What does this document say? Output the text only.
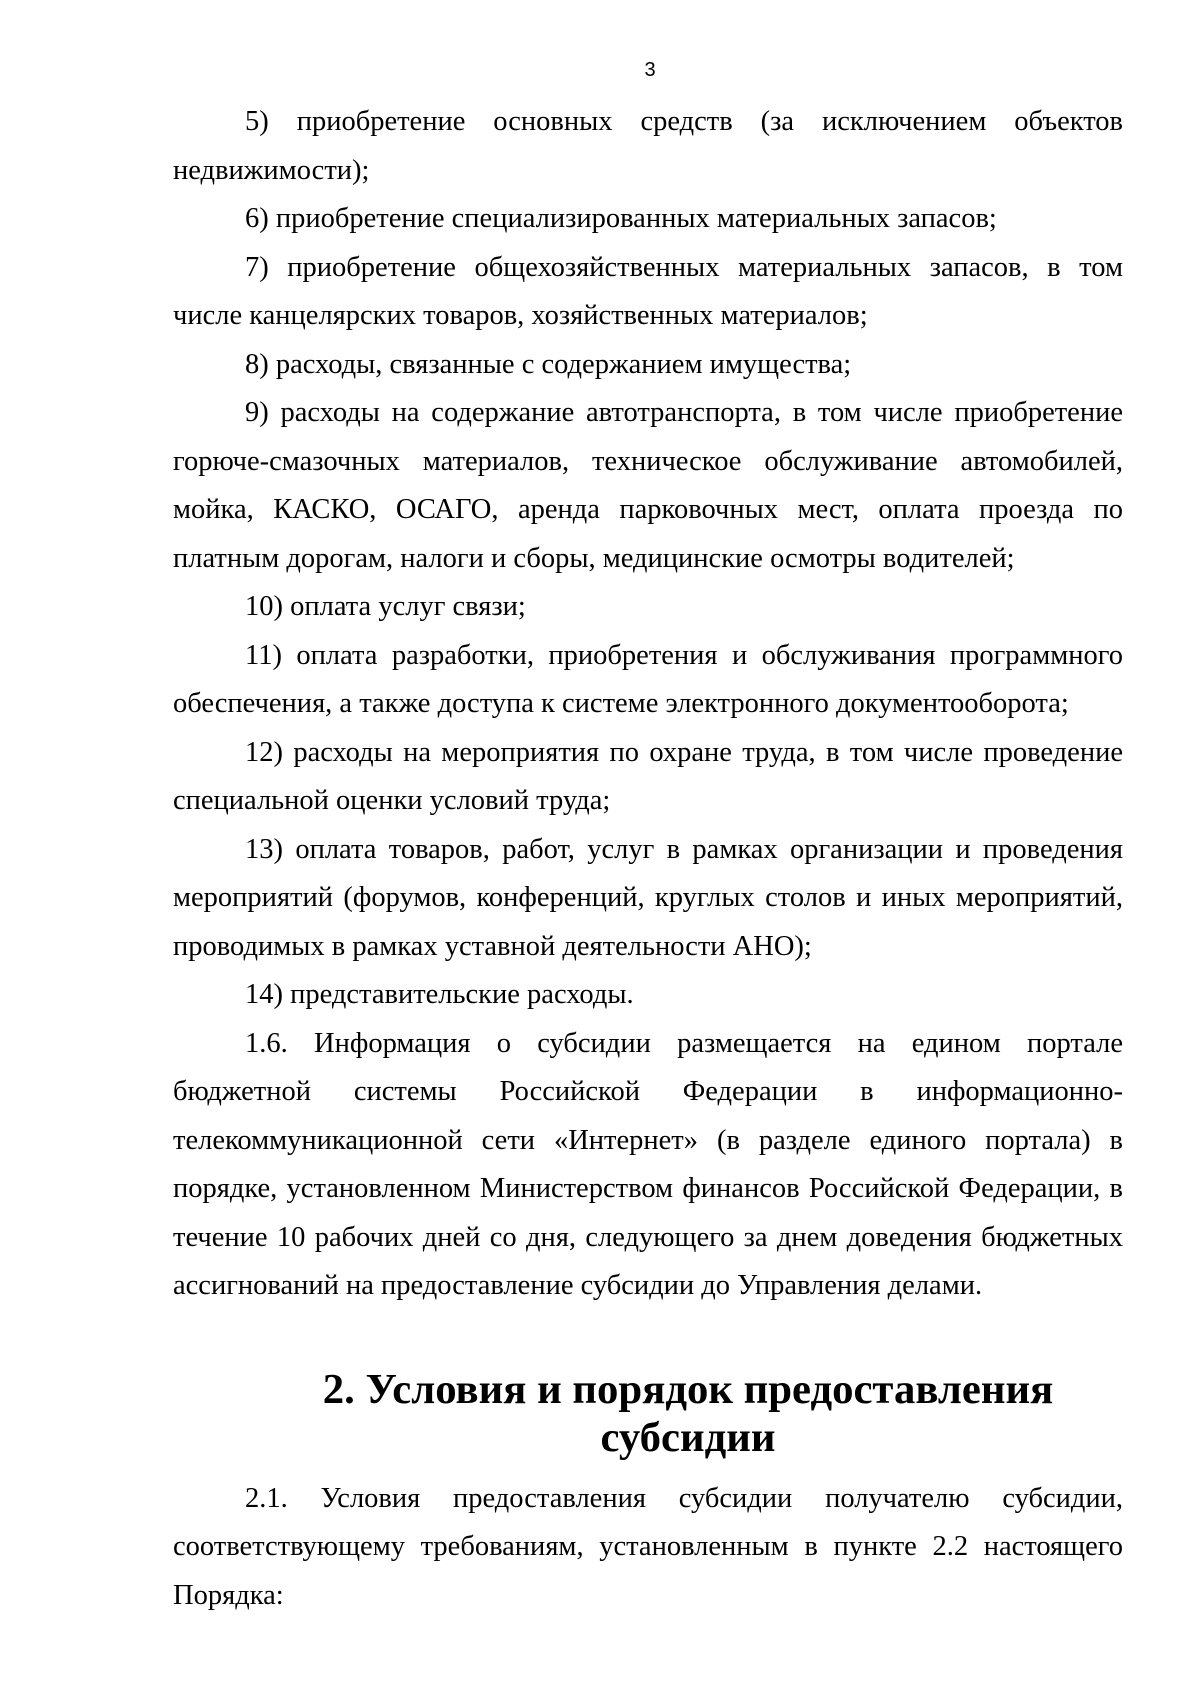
3

5) приобретение основных средств (за исключением объектов недвижимости);

6) приобретение специализированных материальных запасов;

7) приобретение общехозяйственных материальных запасов, в том числе канцелярских товаров, хозяйственных материалов;

8) расходы, связанные с содержанием имущества;

9) расходы на содержание автотранспорта, в том числе приобретение горюче-смазочных материалов, техническое обслуживание автомобилей, мойка, КАСКО, ОСАГО, аренда парковочных мест, оплата проезда по платным дорогам, налоги и сборы, медицинские осмотры водителей;

10) оплата услуг связи;

11) оплата разработки, приобретения и обслуживания программного обеспечения, а также доступа к системе электронного документооборота;

12) расходы на мероприятия по охране труда, в том числе проведение специальной оценки условий труда;

13) оплата товаров, работ, услуг в рамках организации и проведения мероприятий (форумов, конференций, круглых столов и иных мероприятий, проводимых в рамках уставной деятельности АНО);

14) представительские расходы.

1.6. Информация о субсидии размещается на едином портале бюджетной системы Российской Федерации в информационно-телекоммуникационной сети «Интернет» (в разделе единого портала) в порядке, установленном Министерством финансов Российской Федерации, в течение 10 рабочих дней со дня, следующего за днем доведения бюджетных ассигнований на предоставление субсидии до Управления делами.

2. Условия и порядок предоставления субсидии

2.1. Условия предоставления субсидии получателю субсидии, соответствующему требованиям, установленным в пункте 2.2 настоящего Порядка:
